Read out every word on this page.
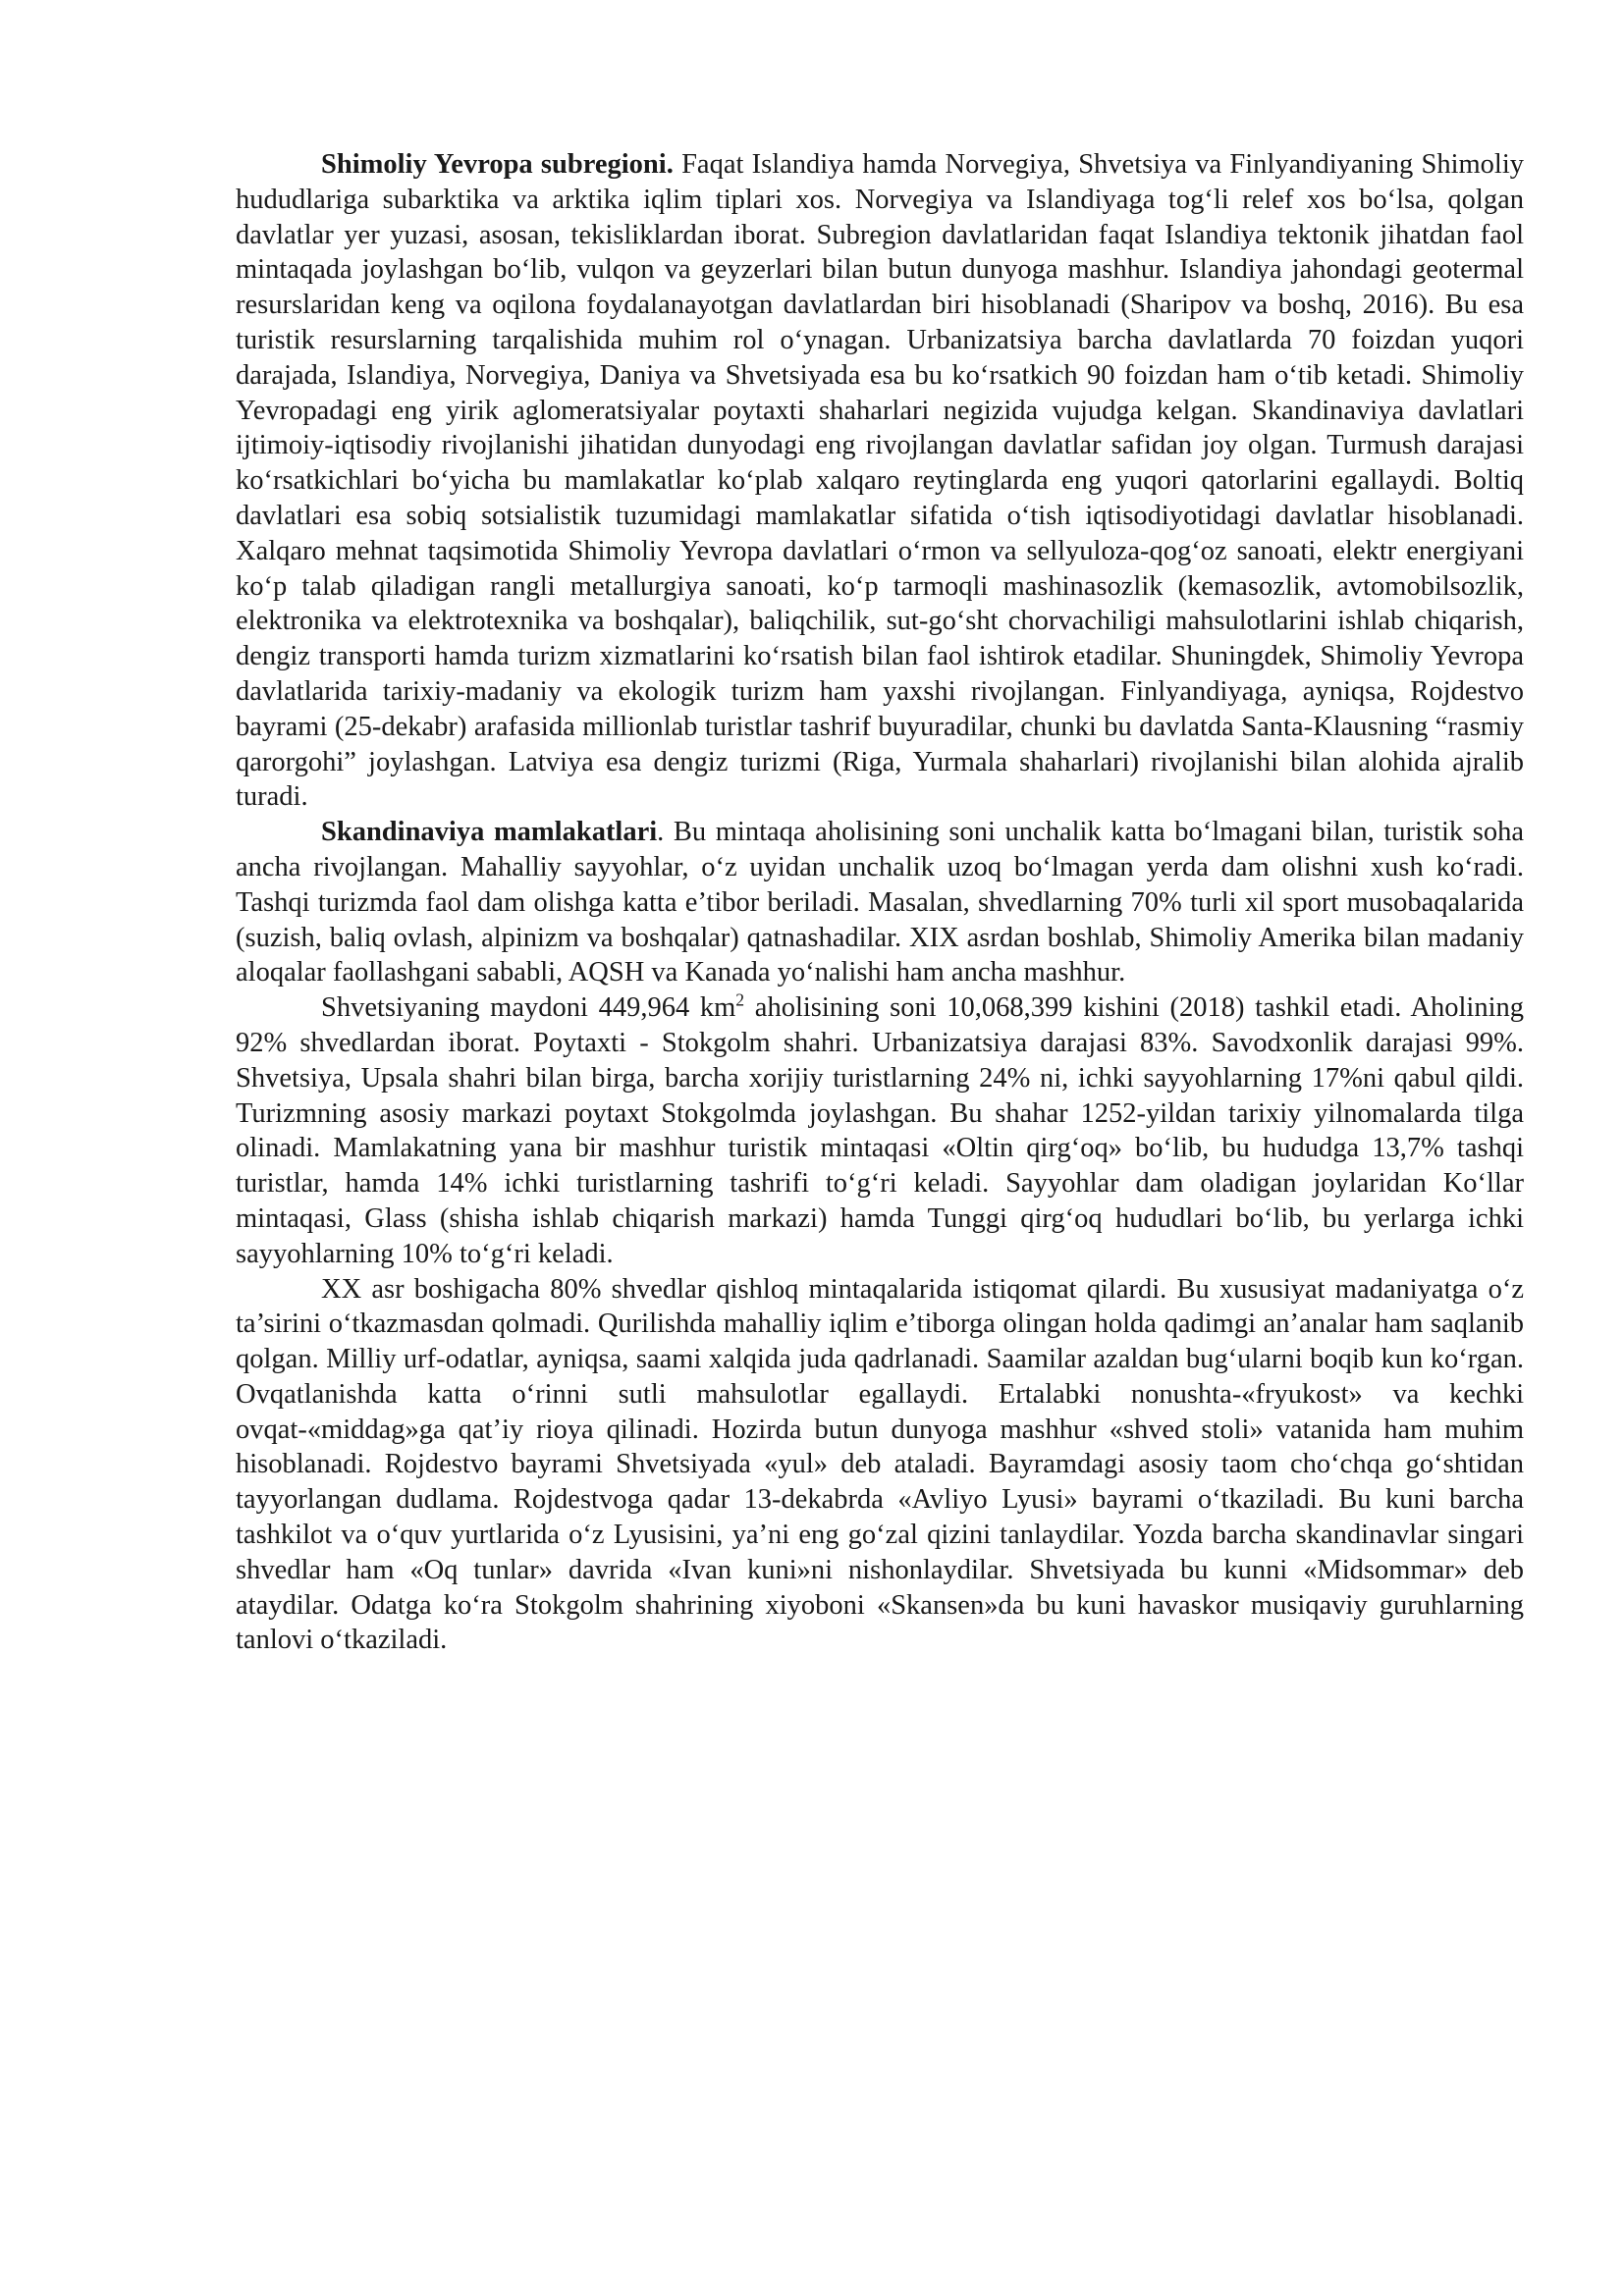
Shimoliy Yevropa subregioni. Faqat Islandiya hamda Norvegiya, Shvetsiya va Finlyandiyaning Shimoliy hududlariga subarktika va arktika iqlim tiplari xos. Norvegiya va Islandiyaga tog‘li relef xos bo‘lsa, qolgan davlatlar yer yuzasi, asosan, tekisliklardan iborat. Subregion davlatlaridan faqat Islandiya tektonik jihatdan faol mintaqada joylashgan bo‘lib, vulqon va geyzerlari bilan butun dunyoga mashhur. Islandiya jahondagi geotermal resurslaridan keng va oqilona foydalanayotgan davlatlardan biri hisoblanadi (Sharipov va boshq, 2016). Bu esa turistik resurslarning tarqalishida muhim rol o‘ynagan. Urbanizatsiya barcha davlatlarda 70 foizdan yuqori darajada, Islandiya, Norvegiya, Daniya va Shvetsiyada esa bu ko‘rsatkich 90 foizdan ham o‘tib ketadi. Shimoliy Yevropadagi eng yirik aglomeratsiyalar poytaxti shaharlari negizida vujudga kelgan. Skandinaviya davlatlari ijtimoiy-iqtisodiy rivojlanishi jihatidan dunyodagi eng rivojlangan davlatlar safidan joy olgan. Turmush darajasi ko‘rsatkichlari bo‘yicha bu mamlakatlar ko‘plab xalqaro reytinglarda eng yuqori qatorlarini egallaydi. Boltiq davlatlari esa sobiq sotsialistik tuzumidagi mamlakatlar sifatida o‘tish iqtisodiyotidagi davlatlar hisoblanadi. Xalqaro mehnat taqsimotida Shimoliy Yevropa davlatlari o‘rmon va sellyuloza-qog‘oz sanoati, elektr energiyani ko‘p talab qiladigan rangli metallurgiya sanoati, ko‘p tarmoqli mashinasozlik (kemasozlik, avtomobilsozlik, elektronika va elektrotexnika va boshqalar), baliqchilik, sut-go‘sht chorvachiligi mahsulotlarini ishlab chiqarish, dengiz transporti hamda turizm xizmatlarini ko‘rsatish bilan faol ishtirok etadilar. Shuningdek, Shimoliy Yevropa davlatlarida tarixiy-madaniy va ekologik turizm ham yaxshi rivojlangan. Finlyandiyaga, ayniqsa, Rojdestvo bayrami (25-dekabr) arafasida millionlab turistlar tashrif buyuradilar, chunki bu davlatda Santa-Klausning “rasmiy qarorgohi” joylashgan. Latviya esa dengiz turizmi (Riga, Yurmala shaharlari) rivojlanishi bilan alohida ajralib turadi.

Skandinaviya mamlakatlari. Bu mintaqa aholisining soni unchalik katta bo‘lmagani bilan, turistik soha ancha rivojlangan. Mahalliy sayyohlar, o‘z uyidan unchalik uzoq bo‘lmagan yerda dam olishni xush ko‘radi. Tashqi turizmda faol dam olishga katta e’tibor beriladi. Masalan, shvedlarning 70% turli xil sport musobaqalarida (suzish, baliq ovlash, alpinizm va boshqalar) qatnashadilar. XIX asrdan boshlab, Shimoliy Amerika bilan madaniy aloqalar faollashgani sababli, AQSH va Kanada yo‘nalishi ham ancha mashhur.

Shvetsiyaning maydoni 449,964 $km^2$ aholisining soni 10,068,399 kishini (2018) tashkil etadi. Aholining 92% shvedlardan iborat. Poytaxti - Stokgolm shahri. Urbanizatsiya darajasi 83%. Savodxonlik darajasi 99%. Shvetsiya, Upsala shahri bilan birga, barcha xorijiy turistlarning 24% ni, ichki sayyohlarning 17%ni qabul qildi. Turizmning asosiy markazi poytaxt Stokgolmda joylashgan. Bu shahar 1252-yildan tarixiy yilnomalarda tilga olinadi. Mamlakatning yana bir mashhur turistik mintaqasi «Oltin qirg‘oq» bo‘lib, bu hududga 13,7% tashqi turistlar, hamda 14% ichki turistlarning tashrifi to‘g‘ri keladi. Sayyohlar dam oladigan joylaridan Ko‘llar mintaqasi, Glass (shisha ishlab chiqarish markazi) hamda Tunggi qirg‘oq hududlari bo‘lib, bu yerlarga ichki sayyohlarning 10% to‘g‘ri keladi.

XX asr boshigacha 80% shvedlar qishloq mintaqalarida istiqomat qilardi. Bu xususiyat madaniyatga o‘z ta’sirini o‘tkazmasdan qolmadi. Qurilishda mahalliy iqlim e’tiborga olingan holda qadimgi an’analar ham saqlanib qolgan. Milliy urf-odatlar, ayniqsa, saami xalqida juda qadrlanadi. Saamilar azaldan bug‘ularni boqib kun ko‘rgan. Ovqatlanishda katta o‘rinni sutli mahsulotlar egallaydi. Ertalabki nonushta-«fryukost» va kechki ovqat-«middag»ga qat’iy rioya qilinadi. Hozirda butun dunyoga mashhur «shved stoli» vatanida ham muhim hisoblanadi. Rojdestvo bayrami Shvetsiyada «yul» deb ataladi. Bayramdagi asosiy taom cho‘chqa go‘shtidan tayyorlangan dudlama. Rojdestvoga qadar 13-dekabrda «Avliyo Lyusi» bayrami o‘tkaziladi. Bu kuni barcha tashkilot va o‘quv yurtlarida o‘z Lyusisini, ya’ni eng go‘zal qizini tanlaydilar. Yozda barcha skandinavlar singari shvedlar ham «Oq tunlar» davrida «Ivan kuni»ni nishonlaydilar. Shvetsiyada bu kunni «Midsommar» deb ataydilar. Odatga ko‘ra Stokgolm shahrining xiyoboni «Skansen»da bu kuni havaskor musiqaviy guruhlarning tanlovi o‘tkaziladi.
